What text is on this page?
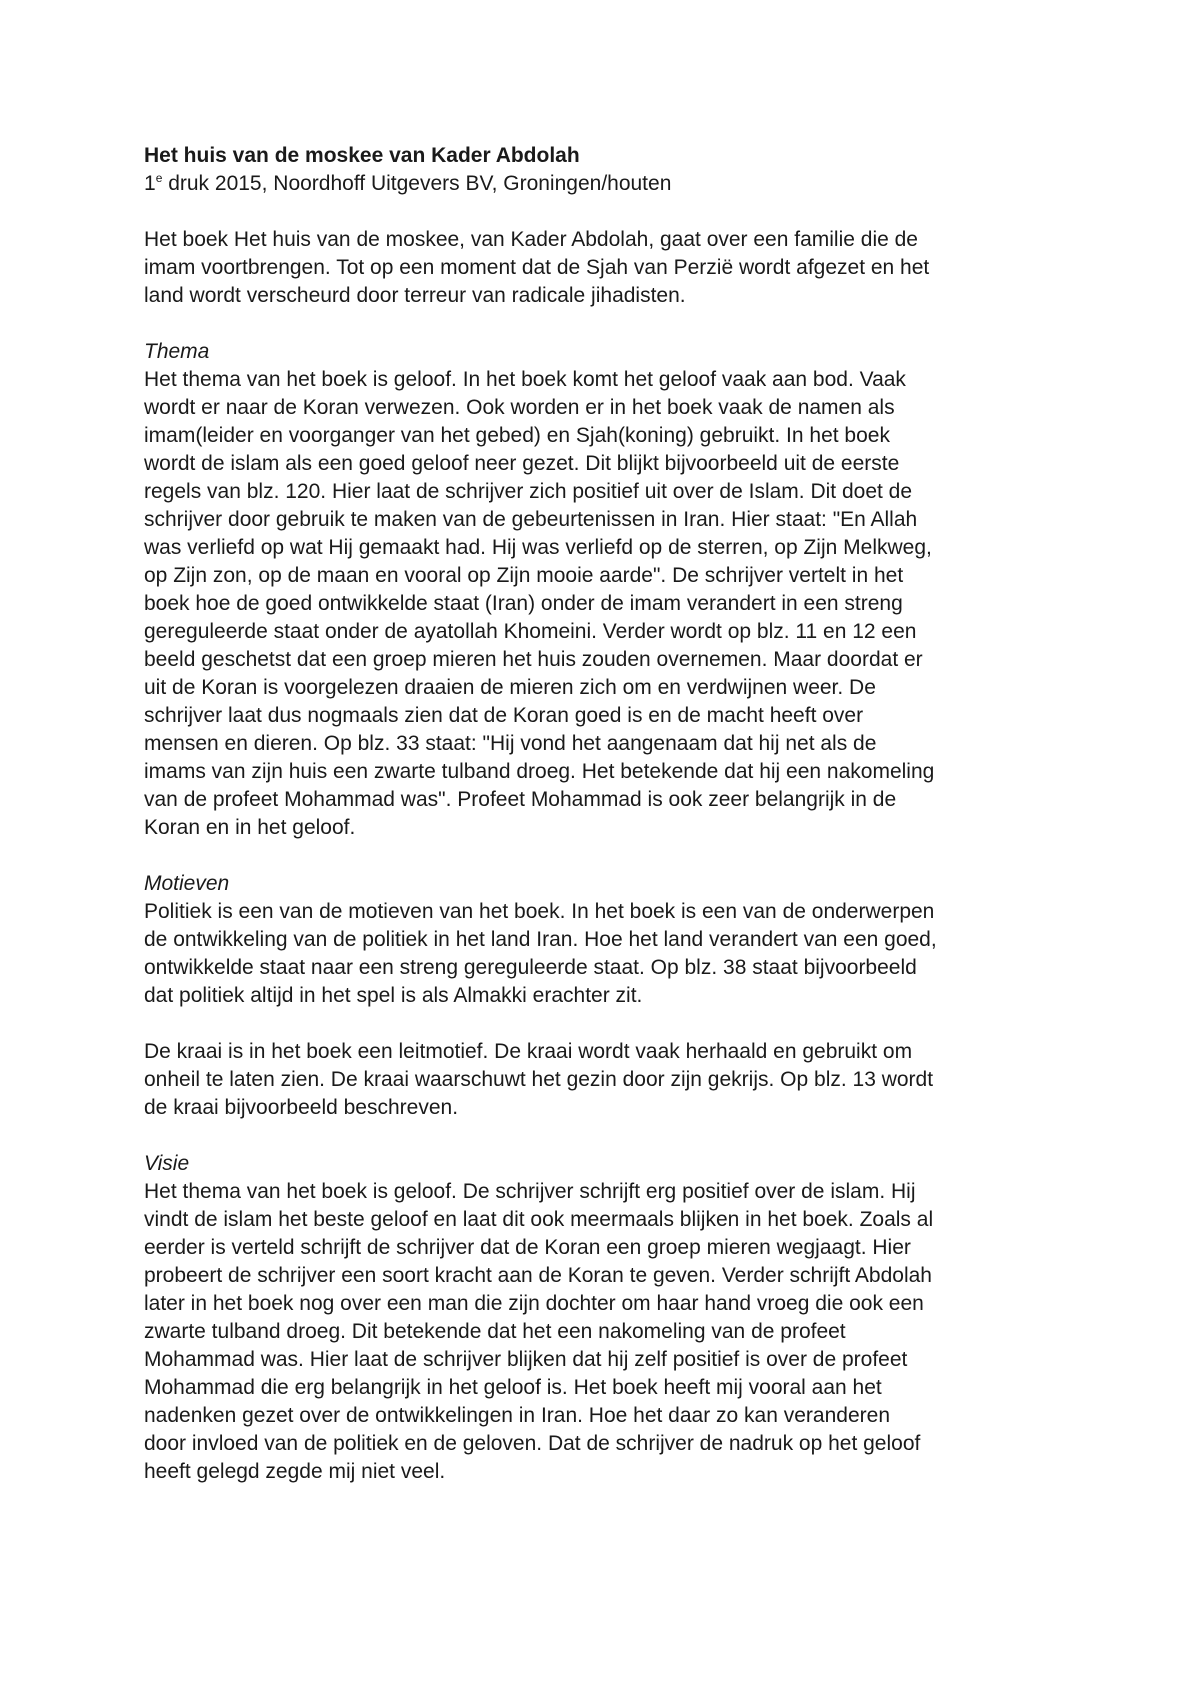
Het huis van de moskee van Kader Abdolah

1e druk 2015, Noordhoff Uitgevers BV, Groningen/houten

Het boek Het huis van de moskee, van Kader Abdolah, gaat over een familie die de
imam voortbrengen. Tot op een moment dat de Sjah van Perzië wordt afgezet en het
land wordt verscheurd door terreur van radicale jihadisten.

Thema

Het thema van het boek is geloof. In het boek komt het geloof vaak aan bod. Vaak
wordt er naar de Koran verwezen. Ook worden er in het boek vaak de namen als
imam(leider en voorganger van het gebed) en Sjah(koning) gebruikt. In het boek
wordt de islam als een goed geloof neer gezet. Dit blijkt bijvoorbeeld uit de eerste
regels van blz. 120. Hier laat de schrijver zich positief uit over de Islam. Dit doet de
schrijver door gebruik te maken van de gebeurtenissen in Iran. Hier staat: "En Allah
was verliefd op wat Hij gemaakt had. Hij was verliefd op de sterren, op Zijn Melkweg,
op Zijn zon, op de maan en vooral op Zijn mooie aarde". De schrijver vertelt in het
boek hoe de goed ontwikkelde staat (Iran) onder de imam verandert in een streng
gereguleerde staat onder de ayatollah Khomeini. Verder wordt op blz. 11 en 12 een
beeld geschetst dat een groep mieren het huis zouden overnemen. Maar doordat er
uit de Koran is voorgelezen draaien de mieren zich om en verdwijnen weer. De
schrijver laat dus nogmaals zien dat de Koran goed is en de macht heeft over
mensen en dieren. Op blz. 33 staat: "Hij vond het aangenaam dat hij net als de
imams van zijn huis een zwarte tulband droeg. Het betekende dat hij een nakomeling
van de profeet Mohammad was". Profeet Mohammad is ook zeer belangrijk in de
Koran en in het geloof.

Motieven

Politiek is een van de motieven van het boek. In het boek is een van de onderwerpen
de ontwikkeling van de politiek in het land Iran. Hoe het land verandert van een goed,
ontwikkelde staat naar een streng gereguleerde staat. Op blz. 38 staat bijvoorbeeld
dat politiek altijd in het spel is als Almakki erachter zit.

De kraai is in het boek een leitmotief. De kraai wordt vaak herhaald en gebruikt om
onheil te laten zien. De kraai waarschuwt het gezin door zijn gekrijs. Op blz. 13 wordt
de kraai bijvoorbeeld beschreven.

Visie

Het thema van het boek is geloof. De schrijver schrijft erg positief over de islam. Hij
vindt de islam het beste geloof en laat dit ook meermaals blijken in het boek. Zoals al
eerder is verteld schrijft de schrijver dat de Koran een groep mieren wegjaagt. Hier
probeert de schrijver een soort kracht aan de Koran te geven. Verder schrijft Abdolah
later in het boek nog over een man die zijn dochter om haar hand vroeg die ook een
zwarte tulband droeg. Dit betekende dat het een nakomeling van de profeet
Mohammad was. Hier laat de schrijver blijken dat hij zelf positief is over de profeet
Mohammad die erg belangrijk in het geloof is. Het boek heeft mij vooral aan het
nadenken gezet over de ontwikkelingen in Iran. Hoe het daar zo kan veranderen
door invloed van de politiek en de geloven. Dat de schrijver de nadruk op het geloof
heeft gelegd zegde mij niet veel.
